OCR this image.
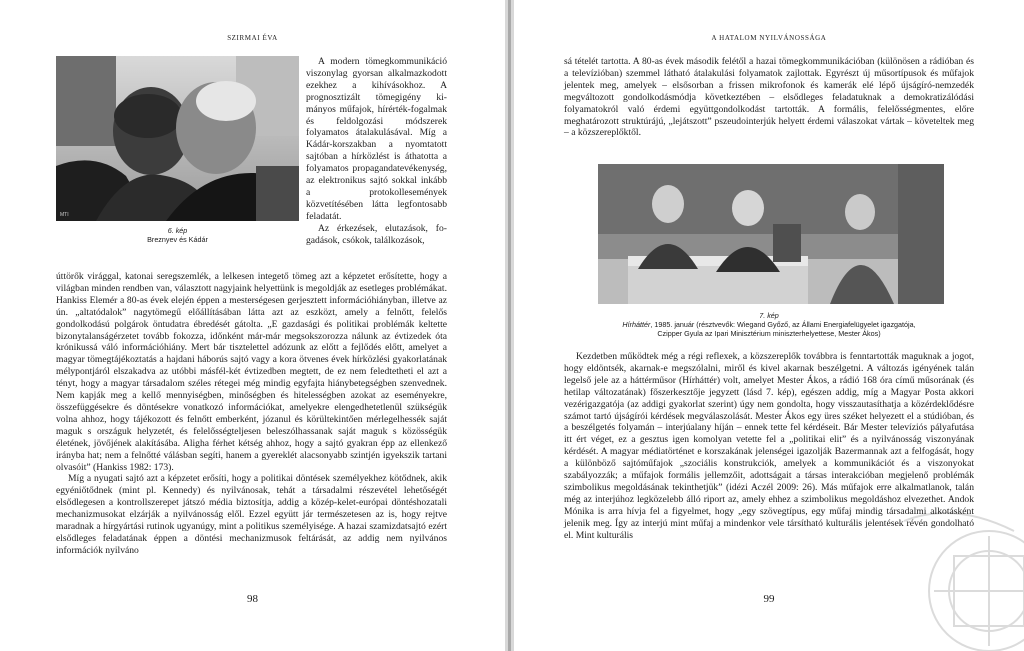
SZIRMAI ÉVA
MTI
6. kép
Breznyev és Kádár

A modern tömegkommunikáció viszonylag gyorsan alkalmazkodott ezekhez a kihívásokhoz. A prognosztizált tömegigény kimányos műfajok, hírérték-fogalmak és feldolgozási módszerek folyamatos átalakulásával. Míg a Kádár-korszakban a nyomtatott sajtóban a hírközlést is áthatotta a folyamatos propagandatevékenység, az elektronikus sajtó sokkal inkább a protokollesemények közvetítésében látta legfontosabb feladatát.

Az érkezések, elutazások, fogadások, csókok, találkozások,

úttörők virággal, katonai seregszemlék, a lelkesen integető tömeg azt a képzetet erősítette, hogy a világban minden rendben van, választott nagyjaink helyettünk is megoldják az esetleges problémákat. Hankiss Elemér a 80-as évek elején éppen a mesterségesen gerjesztett információhiányban, illetve az ún. „altatódalok” nagytömegű előállításában látta azt az eszközt, amely a felnőtt, felelős gondolkodású polgárok öntudatra ébredését gátolta. „E gazdasági és politikai problémák keltette bizonytalanságérzetet tovább fokozza, időnként már-már megsokszorozza nálunk az évtizedek óta krónikussá váló információhiány. Mert bár tisztelettel adózunk az előtt a fejlődés előtt, amelyet a magyar tömegtájékoztatás a hajdani háborús sajtó vagy a kora ötvenes évek hírközlési gyakorlatának mélypontjáról elszakadva az utóbbi másfél-két évtizedben megtett, de ez nem feledtetheti el azt a tényt, hogy a magyar társadalom széles rétegei még mindig egyfajta hiánybetegségben szenvednek. Nem kapják meg a kellő mennyiségben, minőségben és hitelességben azokat az eseményekre, összefüggésekre és döntésekre vonatkozó információkat, amelyekre elengedhetetlenül szükségük volna ahhoz, hogy tájékozott és felnőtt emberként, józanul és körültekintően mérlegelhessék saját maguk s országuk helyzetét, és felelősségteljesen beleszólhassanak saját maguk s közösségük életének, jövőjének alakításába. Aligha férhet kétség ahhoz, hogy a sajtó gyakran épp az ellenkező irányba hat; nem a felnőtté válásban segíti, hanem a gyereklét alacsonyabb szintjén igyekszik tartani olvasóit” (Hankiss 1982: 173).

Míg a nyugati sajtó azt a képzetet erősíti, hogy a politikai döntések személyekhez kötődnek, akik egyéniőtődnek (mint pl. Kennedy) és nyilvánosak, tehát a társadalmi részevétel lehetőségét elsődlegesen a kontrollszerepet játszó média biztosítja, addig a közép-kelet-európai döntéshozatali mechanizmusokat elzárják a nyilvánosság elől. Ezzel együtt jár természetesen az is, hogy rejtve maradnak a hírgyártási rutinok ugyanúgy, mint a politikus személyisége. A hazai szamizdatsajtó ezért elsődleges feladatának éppen a döntési mechanizmusok feltárását, az addig nem nyilvános információk nyilváno

98
A HATALOM NYILVÁNOSSÁGA

sá tételét tartotta. A 80-as évek második felétől a hazai tömegkommunikációban (különösen a rádióban és a televízióban) szemmel látható átalakulási folyamatok zajlottak. Egyrészt új műsortípusok és műfajok jelentek meg, amelyek – elsősorban a frissen mikrofonok és kamerák elé lépő újságíró-nemzedék megváltozott gondolkodásmódja következtében – elsődleges feladatuknak a demokratizálódási folyamatokról való érdemi együttgondolkodást tartották. A formális, felelősségmentes, előre meghatározott struktúrájú, „lejátszott” pszeudointerjúk helyett érdemi válaszokat vártak – követeltek meg – a közszereplőktől.

7. kép
Hírháttér, 1985. január (résztvevők: Wiegand Győző, az Állami Energiafelügyelet igazgatója,
Czipper Gyula az Ipari Minisztérium miniszterhelyettese, Mester Ákos)

Kezdetben működtek még a régi reflexek, a közszereplők továbbra is fenntartották maguknak a jogot, hogy eldöntsék, akarnak-e megszólalni, miről és kivel akarnak beszélgetni. A változás igényének talán legelső jele az a háttérműsor (Hírháttér) volt, amelyet Mester Ákos, a rádió 168 óra című műsorának (és hetilap változatának) főszerkesztője jegyzett (lásd 7. kép), egészen addig, míg a Magyar Posta akkori vezérigazgatója (az addigi gyakorlat szerint) úgy nem gondolta, hogy visszautasíthatja a közérdeklődésre számot tartó újságírói kérdések megválaszolását. Mester Ákos egy üres széket helyezett el a stúdióban, és a beszélgetés folyamán – interjúalany híján – ennek tette fel kérdéseit. Bár Mester televíziós pályafutása itt ért véget, ez a gesztus igen komolyan vetette fel a „politikai elit” és a nyilvánosság viszonyának kérdését. A magyar médiatörténet e korszakának jelenségei igazolják Bazermannak azt a felfogását, hogy a különböző sajtóműfajok „szociális konstrukciók, amelyek a kommunikációt és a viszonyokat szabályozzák; a műfajok formális jellemzőit, adottságait a társas interakcióban megjelenő problémák szimbolikus megoldásának tekinthetjük” (idézi Aczél 2009: 26). Más műfajok erre alkalmatlanok, talán még az interjúhoz legközelebb álló riport az, amely ehhez a szimbolikus megoldáshoz elvezethet. Andok Mónika is arra hívja fel a figyelmet, hogy „egy szövegtípus, egy műfaj mindig társadalmi alkotásként jelenik meg. Így az interjú mint műfaj a mindenkor vele társítható kulturális jelentések révén gondolható el. Mint kulturális

99
